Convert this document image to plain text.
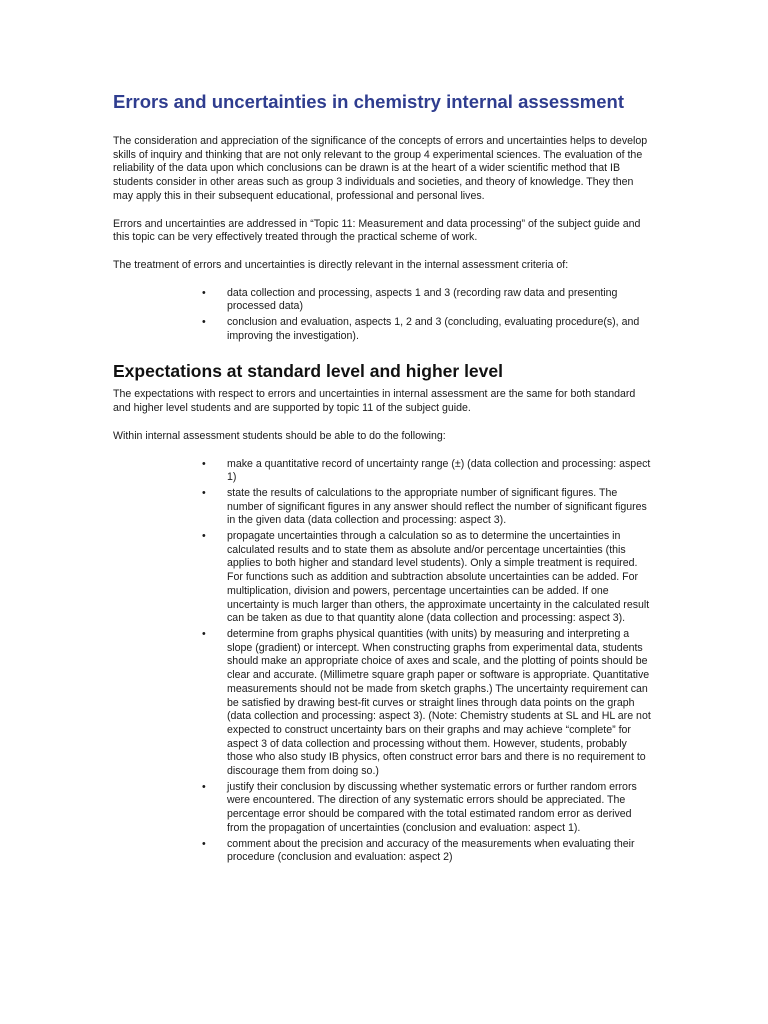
Errors and uncertainties in chemistry internal assessment

The consideration and appreciation of the significance of the concepts of errors and uncertainties helps to develop skills of inquiry and thinking that are not only relevant to the group 4 experimental sciences. The evaluation of the reliability of the data upon which conclusions can be drawn is at the heart of a wider scientific method that IB students consider in other areas such as group 3 individuals and societies, and theory of knowledge. They then may apply this in their subsequent educational, professional and personal lives.

Errors and uncertainties are addressed in “Topic 11: Measurement and data processing” of the subject guide and this topic can be very effectively treated through the practical scheme of work.

The treatment of errors and uncertainties is directly relevant in the internal assessment criteria of:

• data collection and processing, aspects 1 and 3 (recording raw data and presenting processed data)
• conclusion and evaluation, aspects 1, 2 and 3 (concluding, evaluating procedure(s), and improving the investigation).
Expectations at standard level and higher level

The expectations with respect to errors and uncertainties in internal assessment are the same for both standard and higher level students and are supported by topic 11 of the subject guide.

Within internal assessment students should be able to do the following:

• make a quantitative record of uncertainty range (±) (data collection and processing: aspect 1)
• state the results of calculations to the appropriate number of significant figures. The number of significant figures in any answer should reflect the number of significant figures in the given data (data collection and processing: aspect 3).
• propagate uncertainties through a calculation so as to determine the uncertainties in calculated results and to state them as absolute and/or percentage uncertainties (this applies to both higher and standard level students). Only a simple treatment is required. For functions such as addition and subtraction absolute uncertainties can be added. For multiplication, division and powers, percentage uncertainties can be added. If one uncertainty is much larger than others, the approximate uncertainty in the calculated result can be taken as due to that quantity alone (data collection and processing: aspect 3).
• determine from graphs physical quantities (with units) by measuring and interpreting a slope (gradient) or intercept. When constructing graphs from experimental data, students should make an appropriate choice of axes and scale, and the plotting of points should be clear and accurate. (Millimetre square graph paper or software is appropriate. Quantitative measurements should not be made from sketch graphs.) The uncertainty requirement can be satisfied by drawing best-fit curves or straight lines through data points on the graph (data collection and processing: aspect 3). (Note: Chemistry students at SL and HL are not expected to construct uncertainty bars on their graphs and may achieve “complete” for aspect 3 of data collection and processing without them. However, students, probably those who also study IB physics, often construct error bars and there is no requirement to discourage them from doing so.)
• justify their conclusion by discussing whether systematic errors or further random errors were encountered. The direction of any systematic errors should be appreciated. The percentage error should be compared with the total estimated random error as derived from the propagation of uncertainties (conclusion and evaluation: aspect 1).
• comment about the precision and accuracy of the measurements when evaluating their procedure (conclusion and evaluation: aspect 2)
